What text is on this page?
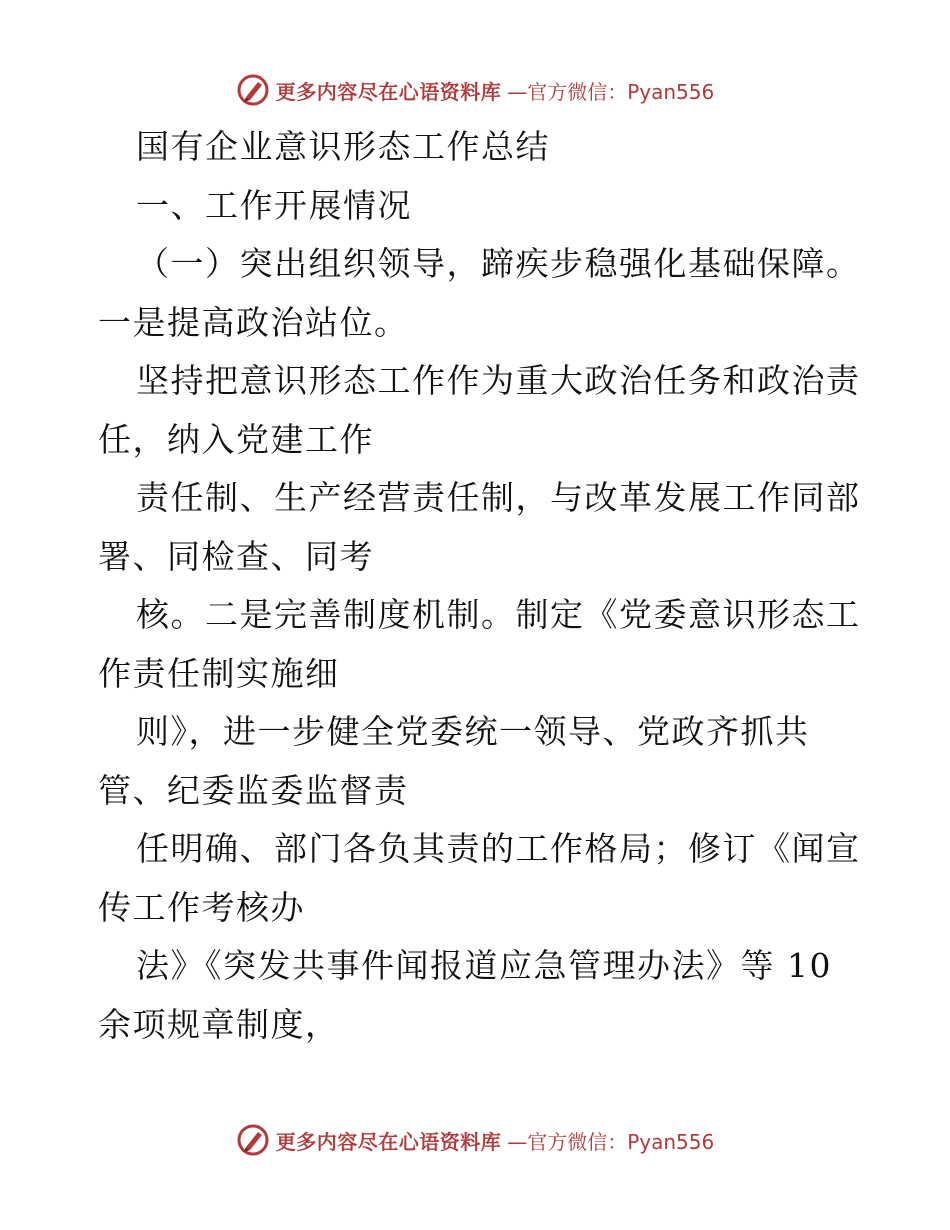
更多内容尽在心语资料库 —官方微信：Pyan556
国有企业意识形态工作总结
一、工作开展情况
（一）突出组织领导，蹄疾步稳强化基础保障。
一是提高政治站位。
坚持把意识形态工作作为重大政治任务和政治责
任，纳入党建工作
责任制、生产经营责任制，与改革发展工作同部
署、同检查、同考
核。二是完善制度机制。制定《党委意识形态工
作责任制实施细
则》，进一步健全党委统一领导、党政齐抓共
管、纪委监委监督责
任明确、部门各负其责的工作格局；修订《闻宣
传工作考核办
法》《突发共事件闻报道应急管理办法》等 10
余项规章制度，
更多内容尽在心语资料库 —官方微信：Pyan556
